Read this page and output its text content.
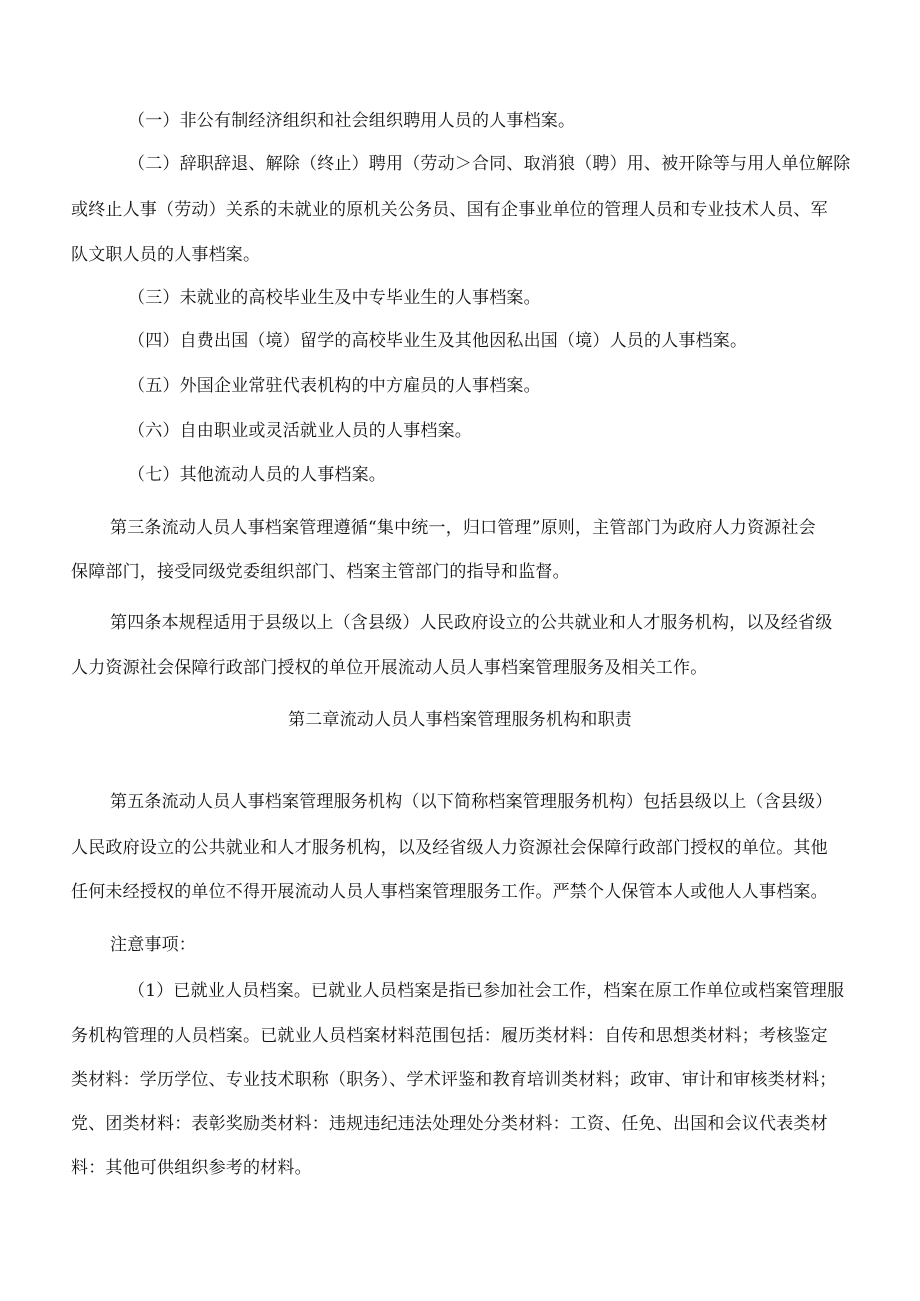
（一）非公有制经济组织和社会组织聘用人员的人事档案。
（二）辞职辞退、解除（终止）聘用（劳动＞合同、取消狼（聘）用、被开除等与用人单位解除
或终止人事（劳动）关系的未就业的原机关公务员、国有企事业单位的管理人员和专业技术人员、军
队文职人员的人事档案。
（三）未就业的高校毕业生及中专毕业生的人事档案。
（四）自费出国（境）留学的高校毕业生及其他因私出国（境）人员的人事档案。
（五）外国企业常驻代表机构的中方雇员的人事档案。
（六）自由职业或灵活就业人员的人事档案。
（七）其他流动人员的人事档案。
第三条流动人员人事档案管理遵循“集中统一，归口管理”原则，主管部门为政府人力资源社会
保障部门，接受同级党委组织部门、档案主管部门的指导和监督。
第四条本规程适用于县级以上（含县级）人民政府设立的公共就业和人才服务机构，以及经省级
人力资源社会保障行政部门授权的单位开展流动人员人事档案管理服务及相关工作。
第二章流动人员人事档案管理服务机构和职责
第五条流动人员人事档案管理服务机构（以下简称档案管理服务机构）包括县级以上（含县级）
人民政府设立的公共就业和人才服务机构，以及经省级人力资源社会保障行政部门授权的单位。其他
任何未经授权的单位不得开展流动人员人事档案管理服务工作。严禁个人保管本人或他人人事档案。
注意事项：
（1）已就业人员档案。已就业人员档案是指已参加社会工作，档案在原工作单位或档案管理服
务机构管理的人员档案。已就业人员档案材料范围包括：履历类材料：自传和思想类材料；考核鉴定
类材料：学历学位、专业技术职称（职务）、学术评鉴和教育培训类材料；政审、审计和审核类材料；
党、团类材料：表彰奖励类材料：违规违纪违法处理处分类材料：工资、任免、出国和会议代表类材
料：其他可供组织参考的材料。
